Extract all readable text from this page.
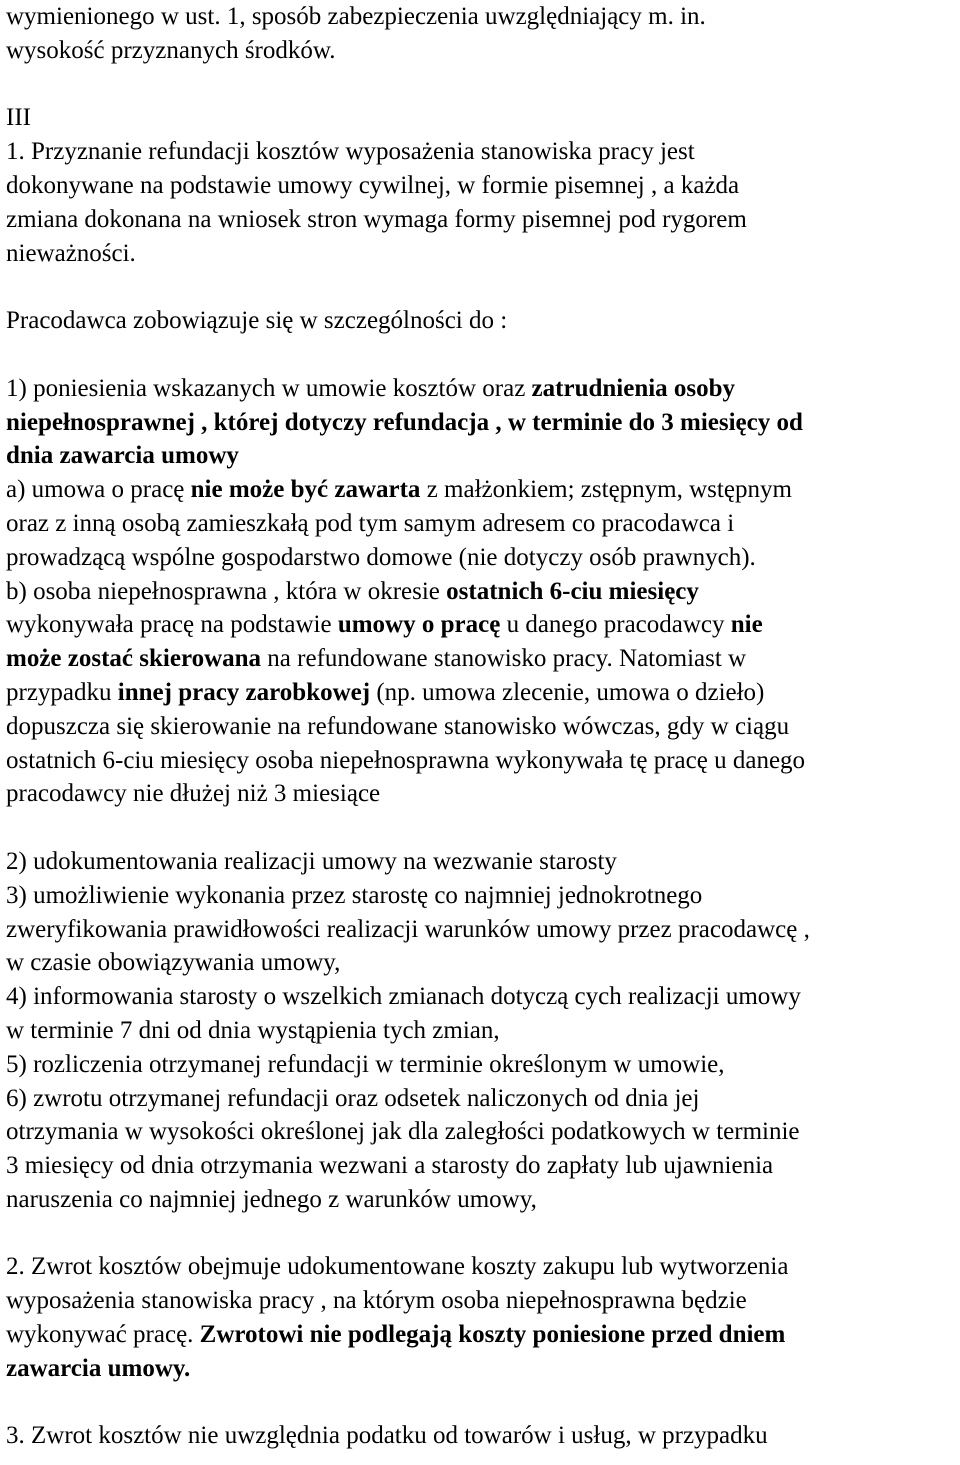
wymienionego w ust. 1, sposób zabezpieczenia uwzględniający m. in.
wysokość przyznanych środków.
III
1. Przyznanie refundacji kosztów wyposażenia stanowiska pracy jest
dokonywane na podstawie umowy cywilnej, w formie pisemnej , a każda
zmiana dokonana na wniosek stron wymaga formy pisemnej pod rygorem
nieważności.
Pracodawca zobowiązuje się w szczególności do :
1) poniesienia wskazanych w umowie kosztów oraz zatrudnienia osoby
niepełnosprawnej , której dotyczy refundacja , w terminie do 3 miesięcy od
dnia zawarcia umowy
a) umowa o pracę nie może być zawarta z małżonkiem; zstępnym, wstępnym
oraz z inną osobą zamieszkałą pod tym samym adresem co pracodawca i
prowadzącą wspólne gospodarstwo domowe (nie dotyczy osób prawnych).
b) osoba niepełnosprawna , która w okresie ostatnich 6-ciu miesięcy
wykonywała pracę na podstawie umowy o pracę u danego pracodawcy nie
może zostać skierowana na refundowane stanowisko pracy. Natomiast w
przypadku innej pracy zarobkowej (np. umowa zlecenie, umowa o dzieło)
dopuszcza się skierowanie na refundowane stanowisko wówczas, gdy w ciągu
ostatnich 6-ciu miesięcy osoba niepełnosprawna wykonywała tę pracę u danego
pracodawcy nie dłużej niż 3 miesiące
2) udokumentowania realizacji umowy na wezwanie starosty
3) umożliwienie wykonania przez starostę co najmniej jednokrotnego
zweryfikowania prawidłowości realizacji warunków umowy przez pracodawcę ,
w czasie obowiązywania umowy,
4) informowania starosty o wszelkich zmianach dotyczą cych realizacji umowy
w terminie 7 dni od dnia wystąpienia tych zmian,
5) rozliczenia otrzymanej refundacji w terminie określonym w umowie,
6) zwrotu otrzymanej refundacji oraz odsetek naliczonych od dnia jej
otrzymania w wysokości określonej jak dla zaległości podatkowych w terminie
3 miesięcy od dnia otrzymania wezwani a starosty do zapłaty lub ujawnienia
naruszenia co najmniej jednego z warunków umowy,
2. Zwrot kosztów obejmuje udokumentowane koszty zakupu lub wytworzenia
wyposażenia stanowiska pracy , na którym osoba niepełnosprawna będzie
wykonywać pracę. Zwrotowi nie podlegają koszty poniesione przed dniem
zawarcia umowy.
3. Zwrot kosztów nie uwzględnia podatku od towarów i usług, w przypadku
